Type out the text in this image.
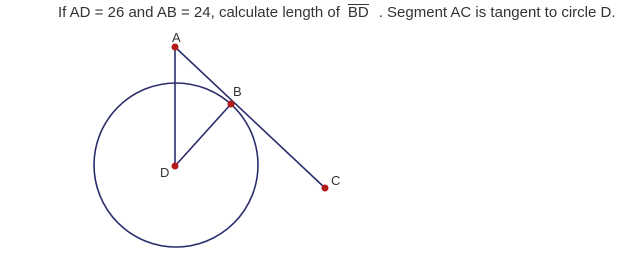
If AD = 26 and AB = 24, calculate length of BD . Segment AC is tangent to circle D.
A
B
C
D
